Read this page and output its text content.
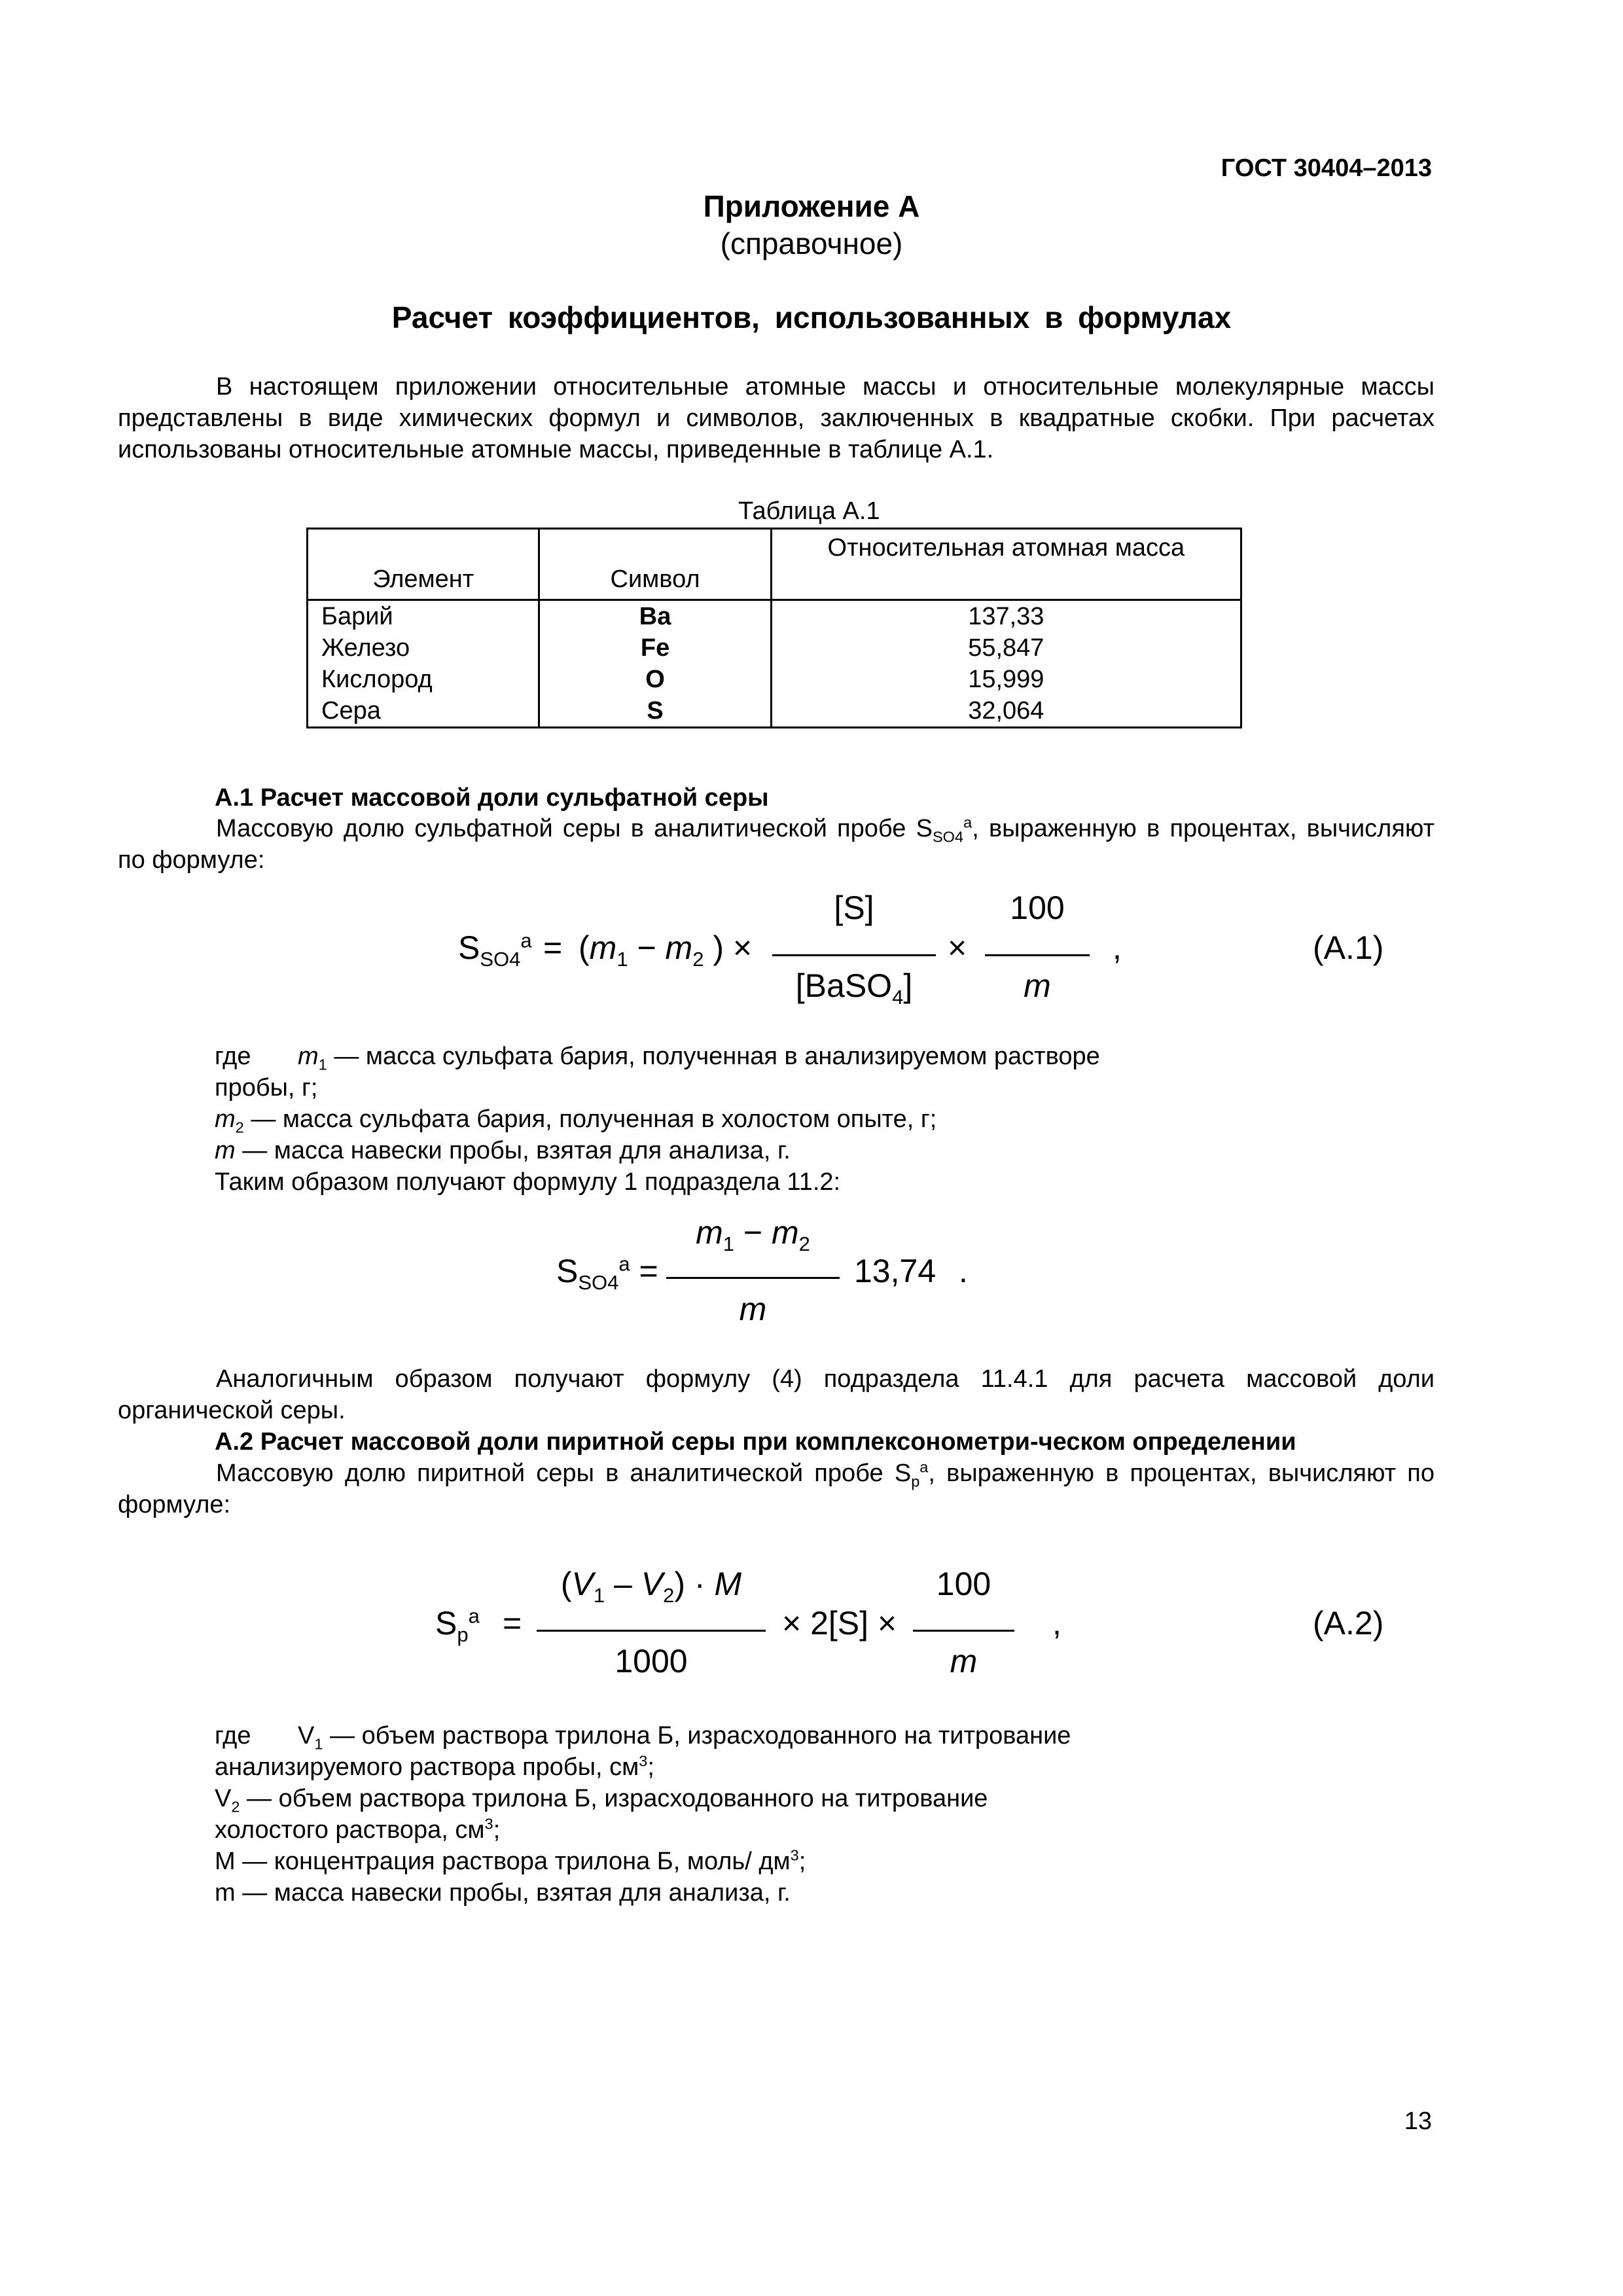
ГОСТ 30404–2013
Приложение А
(справочное)
Расчет коэффициентов, использованных в формулах
В настоящем приложении относительные атомные массы и относительные молекулярные массы представлены в виде химических формул и символов, заключенных в квадратные скобки. При расчетах использованы относительные атомные массы, приведенные в таблице А.1.
Таблица А.1
Элемент	Символ	Относительная атомная масса
Барий	Ba	137,33
Железо	Fe	55,847
Кислород	O	15,999
Сера	S	32,064
А.1 Расчет массовой доли сульфатной серы
Массовую долю сульфатной серы в аналитической пробе $S_{SO4}^a$, выраженную в процентах, вычисляют по формуле:
$S_{SO4}^a = (m_1 - m_2$ ) ×
[S]
[BaSO$_4$]
×
100
m
,	(А.1)
где $m_1$ — масса сульфата бария, полученная в анализируемом растворе
пробы, г;
$m_2$ — масса сульфата бария, полученная в холостом опыте, г;
m — масса навески пробы, взятая для анализа, г.
Таким образом получают формулу 1 подраздела 11.2:
$S_{SO4}^a$ =
$m_1 - m_2$
m
13,74 .
Аналогичным образом получают формулу (4) подраздела 11.4.1 для расчета массовой доли органической серы.
А.2 Расчет массовой доли пиритной серы при комплексонометри-ческом определении
Массовую долю пиритной серы в аналитической пробе $S_p^a$, выраженную в процентах, вычисляют по формуле:
$S_p^a$ =
$(V_1 - V_2) \cdot M$
1000
× 2[S] ×
100
m
,	(А.2)
где $V_1$ — объем раствора трилона Б, израсходованного на титрование
анализируемого раствора пробы, $см^3$;
$V_2$ — объем раствора трилона Б, израсходованного на титрование
холостого раствора, $см^3$;
М — концентрация раствора трилона Б, моль/ $дм^3$;
m — масса навески пробы, взятая для анализа, г.
13
